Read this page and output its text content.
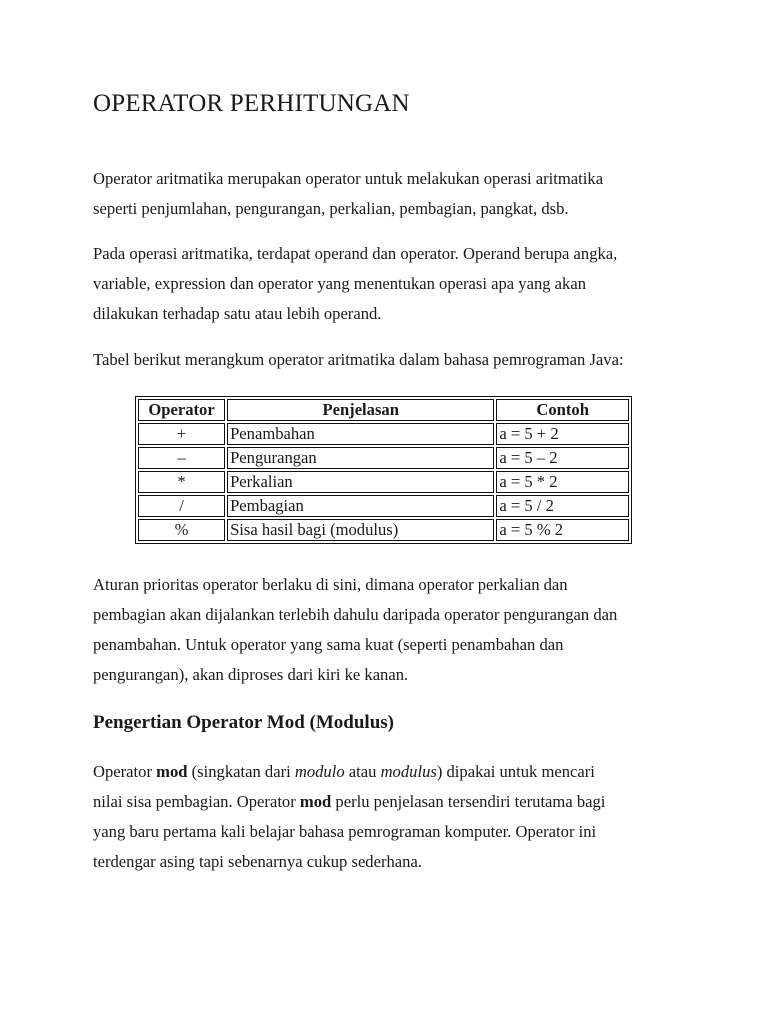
OPERATOR PERHITUNGAN

Operator aritmatika merupakan operator untuk melakukan operasi aritmatika
seperti penjumlahan, pengurangan, perkalian, pembagian, pangkat, dsb.

Pada operasi aritmatika, terdapat operand dan operator. Operand berupa angka,
variable, expression dan operator yang menentukan operasi apa yang akan
dilakukan terhadap satu atau lebih operand.

Tabel berikut merangkum operator aritmatika dalam bahasa pemrograman Java:

Operator	Penjelasan	Contoh
+	Penambahan	a = 5 + 2
–	Pengurangan	a = 5 – 2
*	Perkalian	a = 5 * 2
/	Pembagian	a = 5 / 2
%	Sisa hasil bagi (modulus)	a = 5 % 2

Aturan prioritas operator berlaku di sini, dimana operator perkalian dan
pembagian akan dijalankan terlebih dahulu daripada operator pengurangan dan
penambahan. Untuk operator yang sama kuat (seperti penambahan dan
pengurangan), akan diproses dari kiri ke kanan.

Pengertian Operator Mod (Modulus)

Operator mod (singkatan dari modulo atau modulus) dipakai untuk mencari
nilai sisa pembagian. Operator mod perlu penjelasan tersendiri terutama bagi
yang baru pertama kali belajar bahasa pemrograman komputer. Operator ini
terdengar asing tapi sebenarnya cukup sederhana.
